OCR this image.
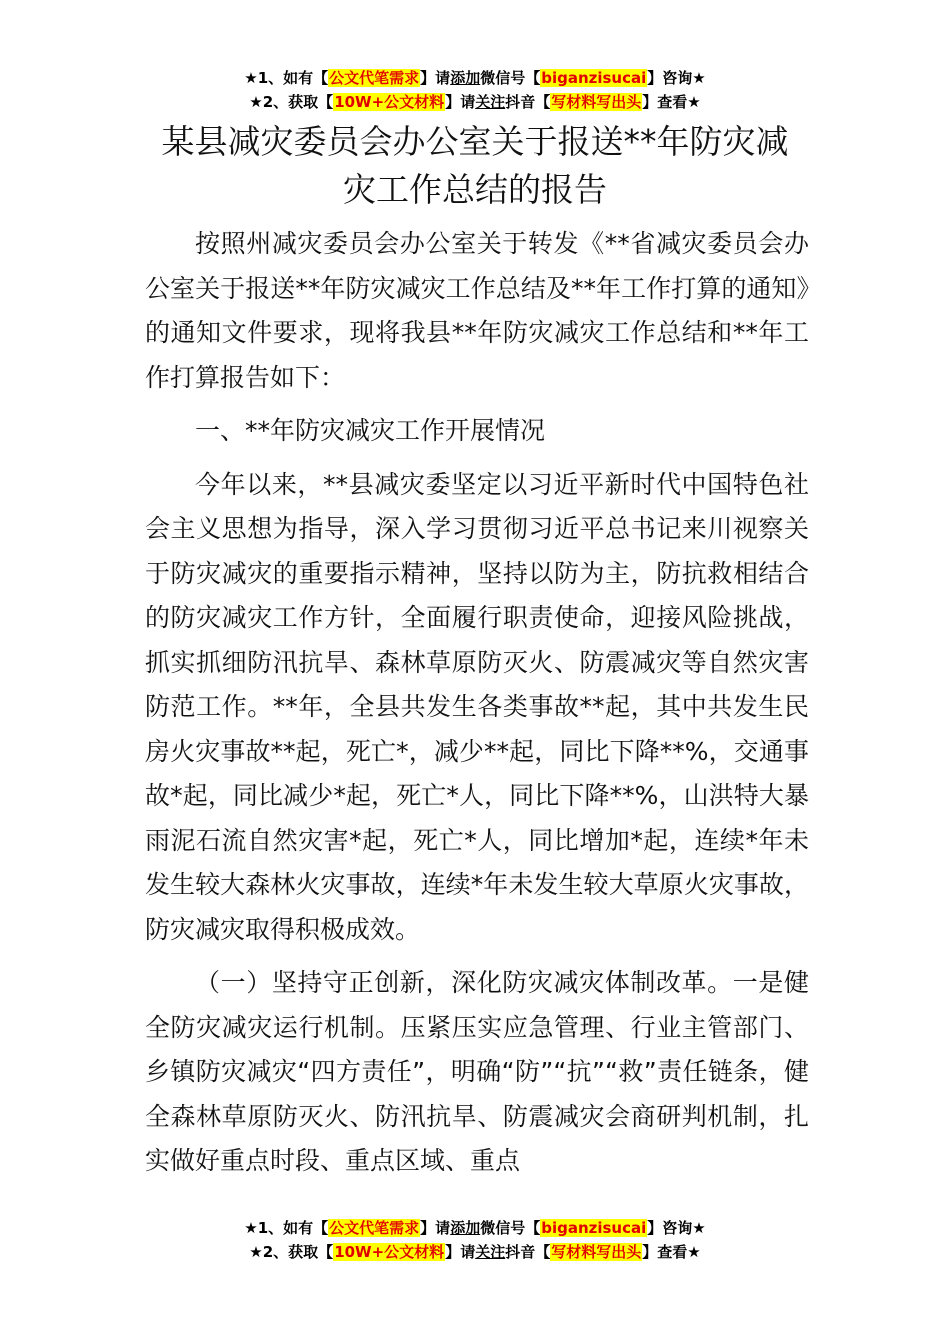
★1、如有【公文代笔需求】请添加微信号【biganzisucai】咨询★
★2、获取【10W+公文材料】请关注抖音【写材料写出头】查看★
某县减灾委员会办公室关于报送**年防灾减
灾工作总结的报告

按照州减灾委员会办公室关于转发《**省减灾委员会办公室关于报送**年防灾减灾工作总结及**年工作打算的通知》的通知文件要求，现将我县**年防灾减灾工作总结和**年工作打算报告如下：

一、**年防灾减灾工作开展情况

今年以来，**县减灾委坚定以习近平新时代中国特色社会主义思想为指导，深入学习贯彻习近平总书记来川视察关于防灾减灾的重要指示精神，坚持以防为主，防抗救相结合的防灾减灾工作方针，全面履行职责使命，迎接风险挑战，抓实抓细防汛抗旱、森林草原防灭火、防震减灾等自然灾害防范工作。**年，全县共发生各类事故**起，其中共发生民房火灾事故**起，死亡*，减少**起，同比下降**%，交通事故*起，同比减少*起，死亡*人，同比下降**%，山洪特大暴雨泥石流自然灾害*起，死亡*人，同比增加*起，连续*年未发生较大森林火灾事故，连续*年未发生较大草原火灾事故，防灾减灾取得积极成效。

（一）坚持守正创新，深化防灾减灾体制改革。一是健全防灾减灾运行机制。压紧压实应急管理、行业主管部门、乡镇防灾减灾“四方责任”，明确“防”“抗”“救”责任链条，健全森林草原防灭火、防汛抗旱、防震减灾会商研判机制，扎实做好重点时段、重点区域、重点

★1、如有【公文代笔需求】请添加微信号【biganzisucai】咨询★
★2、获取【10W+公文材料】请关注抖音【写材料写出头】查看★
